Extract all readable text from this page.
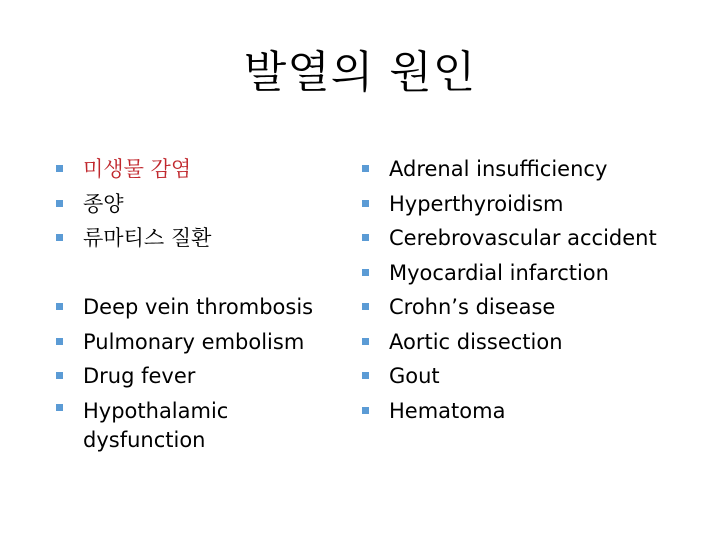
발열의 원인
미생물 감염
종양
류마티스 질환
Deep vein thrombosis
Pulmonary embolism
Drug fever
Hypothalamic dysfunction
Adrenal insufficiency
Hyperthyroidism
Cerebrovascular accident
Myocardial infarction
Crohn’s disease
Aortic dissection
Gout
Hematoma
